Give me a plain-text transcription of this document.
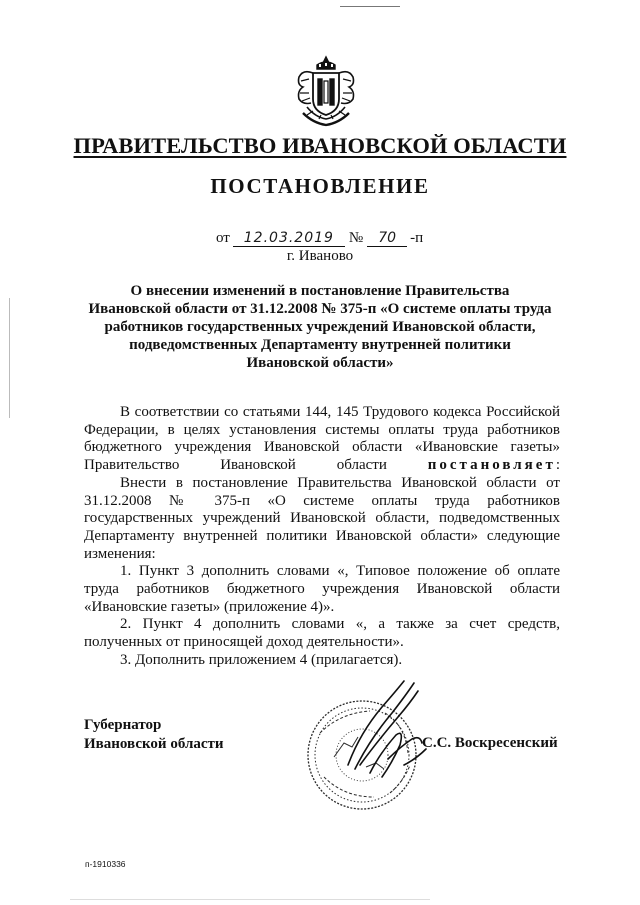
ПРАВИТЕЛЬСТВО ИВАНОВСКОЙ ОБЛАСТИ
ПОСТАНОВЛЕНИЕ
от 12.03.2019 № 70 -п
г. Иваново
О внесении изменений в постановление Правительства
Ивановской области от 31.12.2008 № 375-п «О системе оплаты труда
работников государственных учреждений Ивановской области,
подведомственных Департаменту внутренней политики
Ивановской области»

В соответствии со статьями 144, 145 Трудового кодекса Российской Федерации, в целях установления системы оплаты труда работников бюджетного учреждения Ивановской области «Ивановские газеты» Правительство Ивановской области	постановляет:

Внести в постановление Правительства Ивановской области от 31.12.2008 № 375-п «О системе оплаты труда работников государственных учреждений Ивановской области, подведомственных Департаменту внутренней политики Ивановской области» следующие изменения:

1. Пункт 3 дополнить словами «, Типовое положение об оплате труда работников бюджетного учреждения Ивановской области «Ивановские газеты» (приложение 4)».

2. Пункт 4 дополнить словами «, а также за счет средств, полученных от приносящей доход деятельности».

3. Дополнить приложением 4 (прилагается).

Губернатор
Ивановской области	С.С. Воскресенский
п-1910336
